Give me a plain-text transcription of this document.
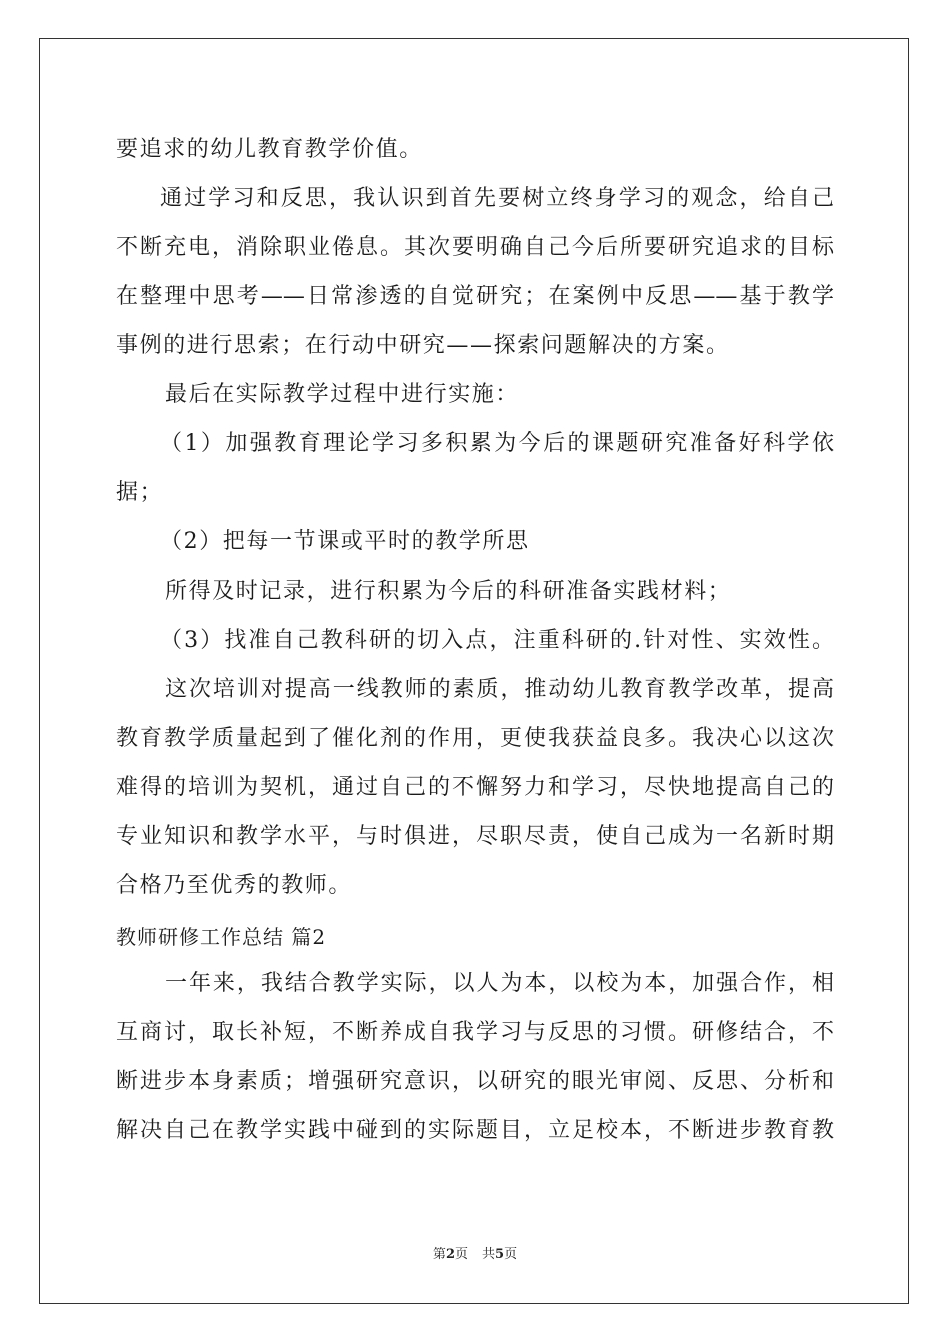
要追求的幼儿教育教学价值。
通过学习和反思，我认识到首先要树立终身学习的观念，给自己
不断充电，消除职业倦息。其次要明确自己今后所要研究追求的目标
在整理中思考——日常渗透的自觉研究；在案例中反思——基于教学
事例的进行思索；在行动中研究——探索问题解决的方案。
最后在实际教学过程中进行实施：
（1）加强教育理论学习多积累为今后的课题研究准备好科学依
据；
（2）把每一节课或平时的教学所思
所得及时记录，进行积累为今后的科研准备实践材料；
（3）找准自己教科研的切入点，注重科研的.针对性、实效性。
这次培训对提高一线教师的素质，推动幼儿教育教学改革，提高
教育教学质量起到了催化剂的作用，更使我获益良多。我决心以这次
难得的培训为契机，通过自己的不懈努力和学习，尽快地提高自己的
专业知识和教学水平，与时俱进，尽职尽责，使自己成为一名新时期
合格乃至优秀的教师。
教师研修工作总结 篇2
一年来，我结合教学实际，以人为本，以校为本，加强合作，相
互商讨，取长补短，不断养成自我学习与反思的习惯。研修结合，不
断进步本身素质；增强研究意识，以研究的眼光审阅、反思、分析和
解决自己在教学实践中碰到的实际题目，立足校本，不断进步教育教
第2页 共5页
